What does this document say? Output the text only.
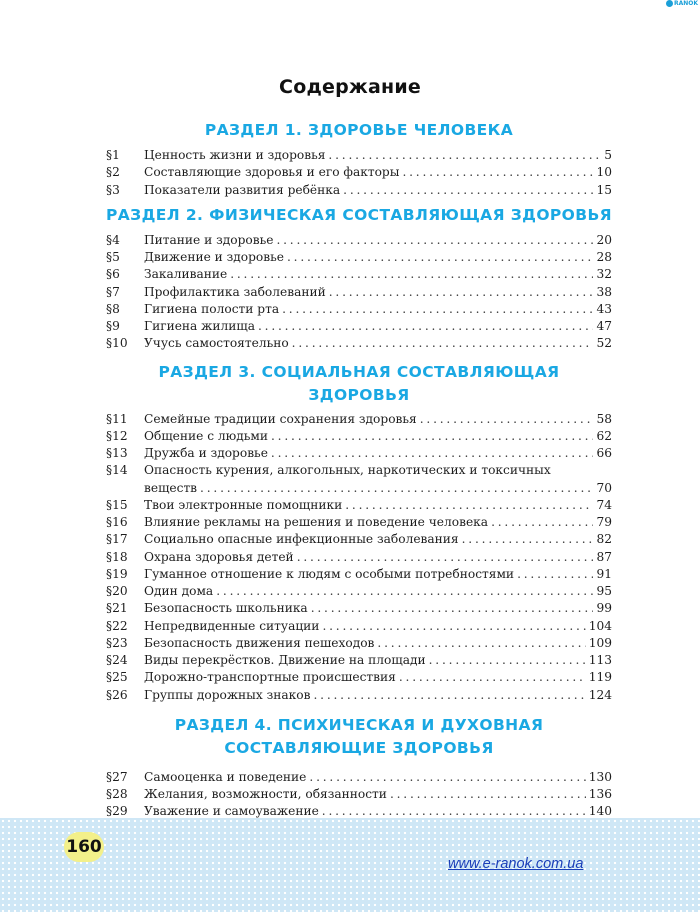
RANOK
Содержание
РАЗДЕЛ 1. ЗДОРОВЬЕ ЧЕЛОВЕКА
§1	Ценность жизни и здоровья .....	5
§2	Составляющие здоровья и его факторы .....	10
§3	Показатели развития ребёнка .....	15
РАЗДЕЛ 2. ФИЗИЧЕСКАЯ СОСТАВЛЯЮЩАЯ ЗДОРОВЬЯ
§4	Питание и здоровье .....	20
§5	Движение и здоровье .....	28
§6	Закаливание .....	32
§7	Профилактика заболеваний .....	38
§8	Гигиена полости рта .....	43
§9	Гигиена жилища .....	47
§10	Учусь самостоятельно .....	52
РАЗДЕЛ 3. СОЦИАЛЬНАЯ СОСТАВЛЯЮЩАЯ ЗДОРОВЬЯ
§11	Семейные традиции сохранения здоровья .....	58
§12	Общение с людьми .....	62
§13	Дружба и здоровье .....	66
§14	Опасность курения, алкогольных, наркотических и токсичных
веществ .....	70
§15	Твои электронные помощники .....	74
§16	Влияние рекламы на решения и поведение человека .....	79
§17	Социально опасные инфекционные заболевания .....	82
§18	Охрана здоровья детей .....	87
§19	Гуманное отношение к людям с особыми потребностями .....	91
§20	Один дома .....	95
§21	Безопасность школьника .....	99
§22	Непредвиденные ситуации .....	104
§23	Безопасность движения пешеходов .....	109
§24	Виды перекрёстков. Движение на площади .....	113
§25	Дорожно-транспортные происшествия .....	119
§26	Группы дорожных знаков .....	124
РАЗДЕЛ 4. ПСИХИЧЕСКАЯ И ДУХОВНАЯ
СОСТАВЛЯЮЩИЕ ЗДОРОВЬЯ
§27	Самооценка и поведение .....	130
§28	Желания, возможности, обязанности .....	136
§29	Уважение и самоуважение .....	140
.....
.....
.....
160
www.e-ranok.com.ua
